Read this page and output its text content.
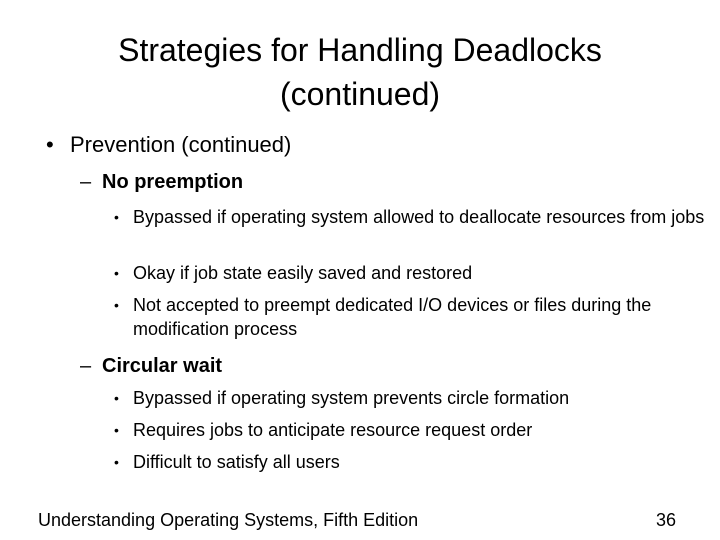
Strategies for Handling Deadlocks
(continued)
• Prevention (continued)
– No preemption
• Bypassed if operating system allowed to deallocate resources from jobs
• Okay if job state easily saved and restored
• Not accepted to preempt dedicated I/O devices or files during the modification process
– Circular wait
• Bypassed if operating system prevents circle formation
• Requires jobs to anticipate resource request order
• Difficult to satisfy all users
Understanding Operating Systems, Fifth Edition	36
